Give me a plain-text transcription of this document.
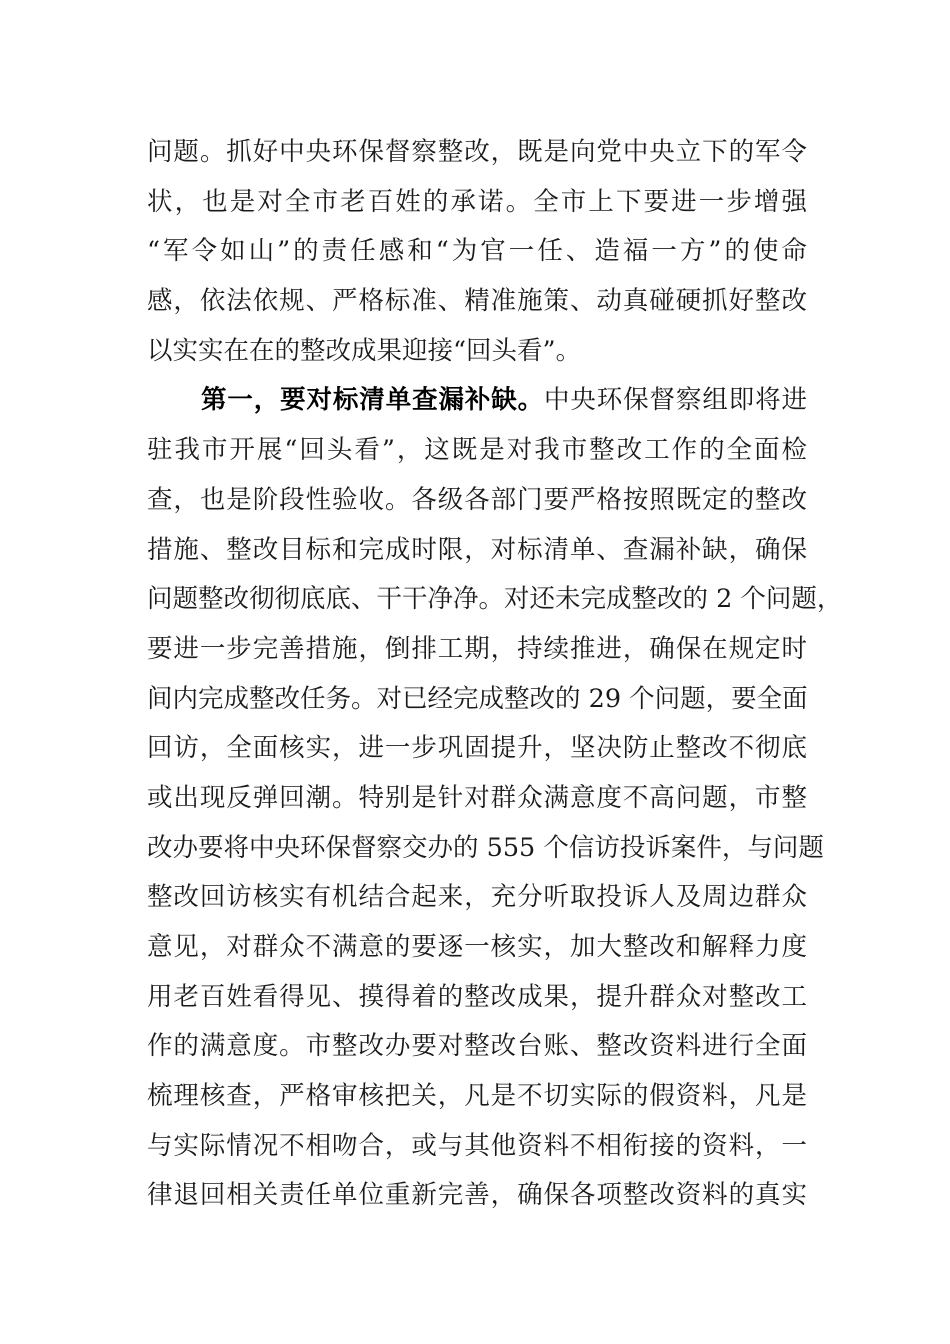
问题。抓好中央环保督察整改，既是向党中央立下的军令
状，也是对全市老百姓的承诺。全市上下要进一步增强
“军令如山”的责任感和“为官一任、造福一方”的使命
感，依法依规、严格标准、精准施策、动真碰硬抓好整改
以实实在在的整改成果迎接“回头看”。
第一，要对标清单查漏补缺。中央环保督察组即将进
驻我市开展“回头看”，这既是对我市整改工作的全面检
查，也是阶段性验收。各级各部门要严格按照既定的整改
措施、整改目标和完成时限，对标清单、查漏补缺，确保
问题整改彻彻底底、干干净净。对还未完成整改的 2 个问题，
要进一步完善措施，倒排工期，持续推进，确保在规定时
间内完成整改任务。对已经完成整改的 29 个问题，要全面
回访，全面核实，进一步巩固提升，坚决防止整改不彻底
或出现反弹回潮。特别是针对群众满意度不高问题，市整
改办要将中央环保督察交办的 555 个信访投诉案件，与问题
整改回访核实有机结合起来，充分听取投诉人及周边群众
意见，对群众不满意的要逐一核实，加大整改和解释力度
用老百姓看得见、摸得着的整改成果，提升群众对整改工
作的满意度。市整改办要对整改台账、整改资料进行全面
梳理核查，严格审核把关，凡是不切实际的假资料，凡是
与实际情况不相吻合，或与其他资料不相衔接的资料，一
律退回相关责任单位重新完善，确保各项整改资料的真实
